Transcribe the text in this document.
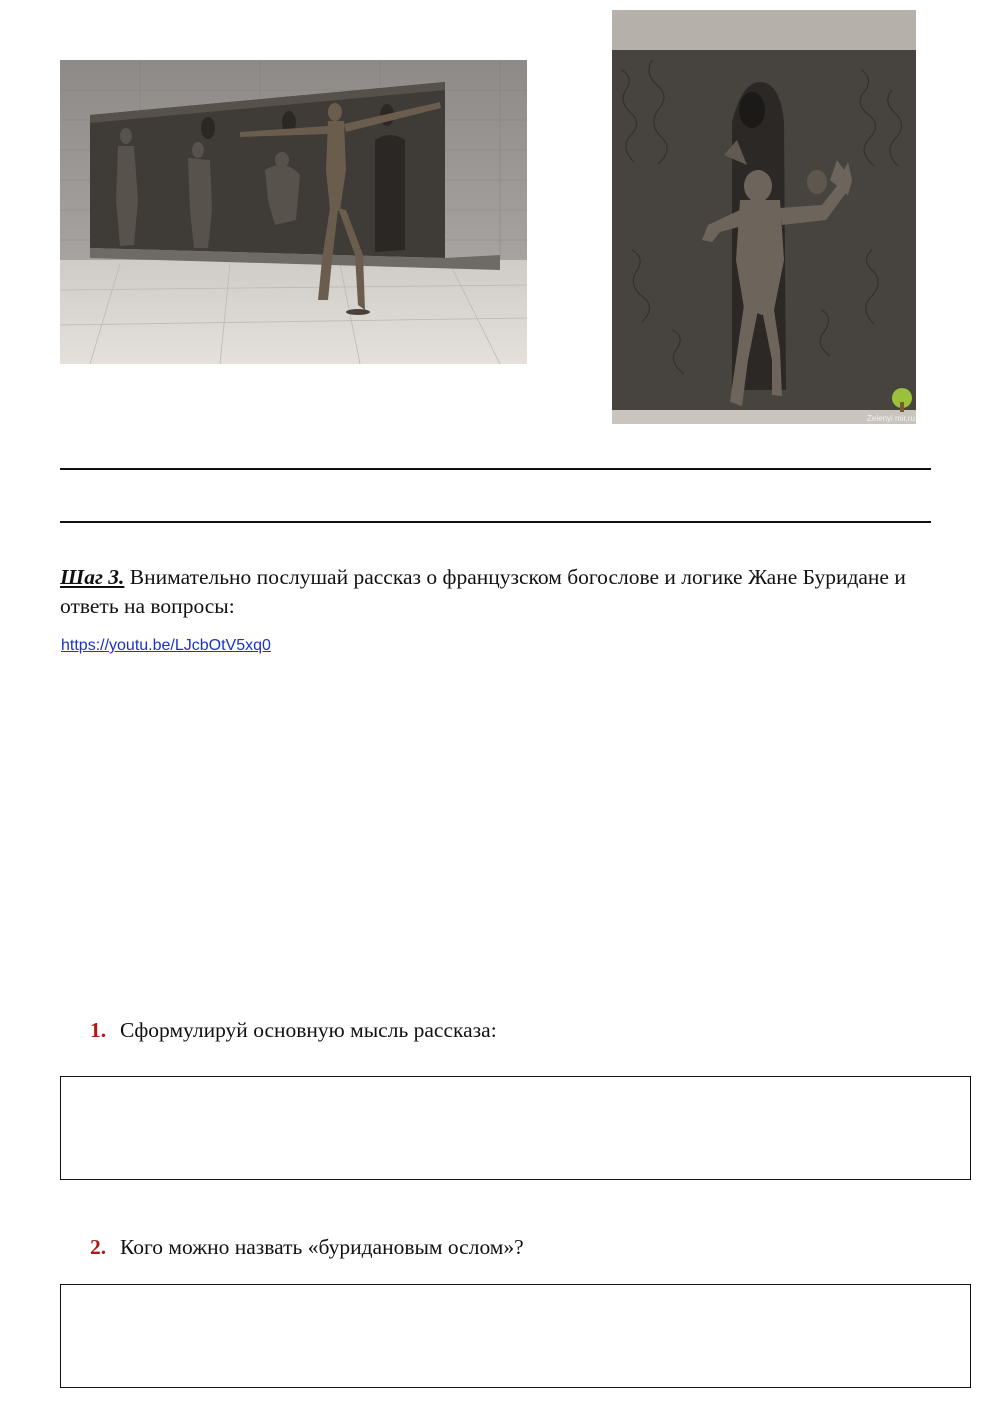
Zelenyi mir.ru
Шаг 3. Внимательно послушай рассказ о французском богослове и логике Жане Буридане и ответь на вопросы:
https://youtu.be/LJcbOtV5xq0
1. Сформулируй основную мысль рассказа:
2. Кого можно назвать «буридановым ослом»?
